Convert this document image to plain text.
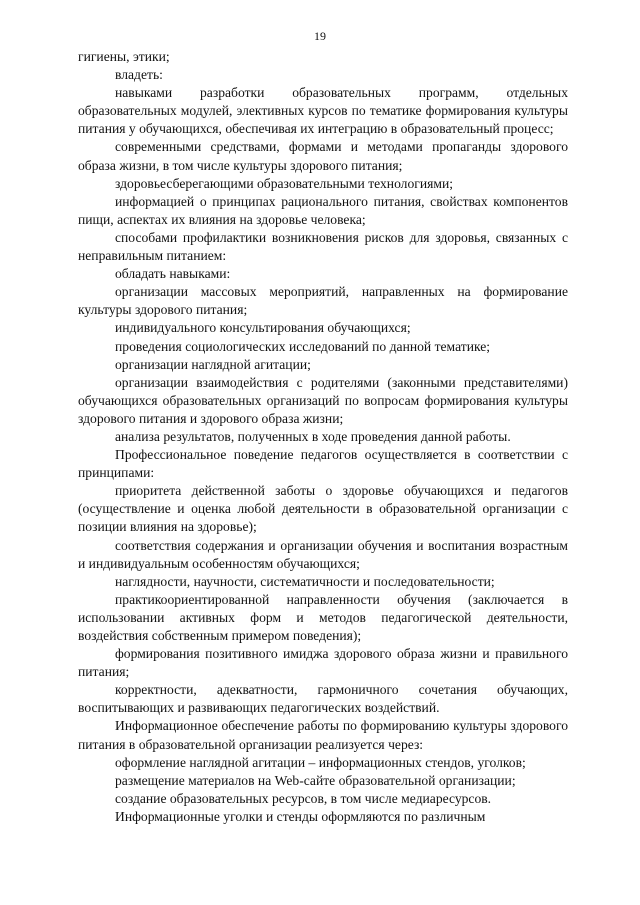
19

гигиены, этики;

владеть:

навыками разработки образовательных программ, отдельных образовательных модулей, элективных курсов по тематике формирования культуры питания у обучающихся, обеспечивая их интеграцию в образовательный процесс;

современными средствами, формами и методами пропаганды здорового образа жизни, в том числе культуры здорового питания;

здоровьесберегающими образовательными технологиями;

информацией о принципах рационального питания, свойствах компонентов пищи, аспектах их влияния на здоровье человека;

способами профилактики возникновения рисков для здоровья, связанных с неправильным питанием:

обладать навыками:

организации массовых мероприятий, направленных на формирование культуры здорового питания;

индивидуального консультирования обучающихся;

проведения социологических исследований по данной тематике;

организации наглядной агитации;

организации взаимодействия с родителями (законными представителями) обучающихся образовательных организаций по вопросам формирования культуры здорового питания и здорового образа жизни;

анализа результатов, полученных в ходе проведения данной работы.

Профессиональное поведение педагогов осуществляется в соответствии с принципами:

приоритета действенной заботы о здоровье обучающихся и педагогов (осуществление и оценка любой деятельности в образовательной организации с позиции влияния на здоровье);

соответствия содержания и организации обучения и воспитания возрастным и индивидуальным особенностям обучающихся;

наглядности, научности, систематичности и последовательности;

практикоориентированной направленности обучения (заключается в использовании активных форм и методов педагогической деятельности, воздействия собственным примером поведения);

формирования позитивного имиджа здорового образа жизни и правильного питания;

корректности, адекватности, гармоничного сочетания обучающих, воспитывающих и развивающих педагогических воздействий.

Информационное обеспечение работы по формированию культуры здорового питания в образовательной организации реализуется через:

оформление наглядной агитации – информационных стендов, уголков;

размещение материалов на Web-сайте образовательной организации;

создание образовательных ресурсов, в том числе медиаресурсов.

Информационные уголки и стенды оформляются по различным
